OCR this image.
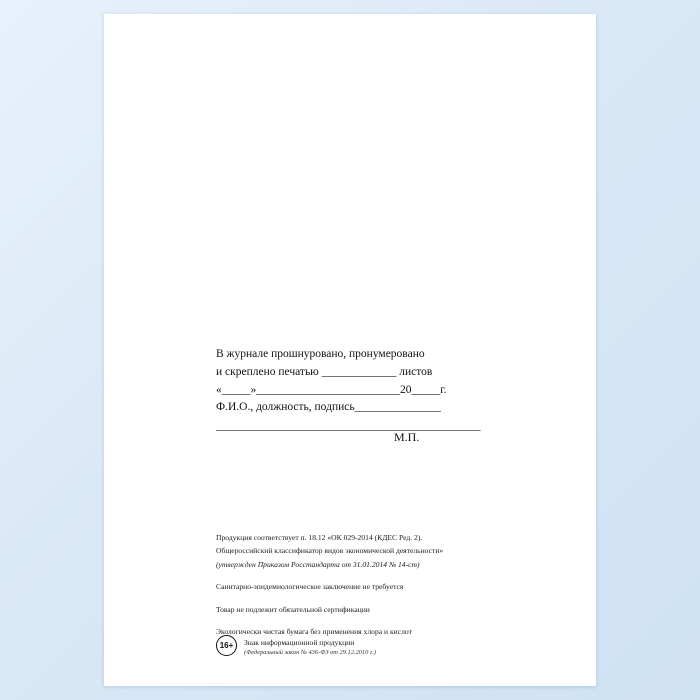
В журнале прошнуровано, пронумеровано
и скреплено печатью _____________ листов
«_____»_________________________20_____г.
Ф.И.О., должность, подпись_______________
______________________________________________
М.П.
Продукция соответствует п. 18.12 «ОК 029-2014 (КДЕС Ред. 2).
Общероссийский классификатор видов экономической деятельности»
(утвержден Приказом Росстандарта от 31.01.2014 № 14-ст)
Санитарно-эпидемиологическое заключение не требуется
Товар не подлежит обязательной сертификации
Экологически чистая бумага без применения хлора и кислот
16+	Знак информационной продукции
(Федеральный закон № 436-ФЗ от 29.12.2010 г.)
